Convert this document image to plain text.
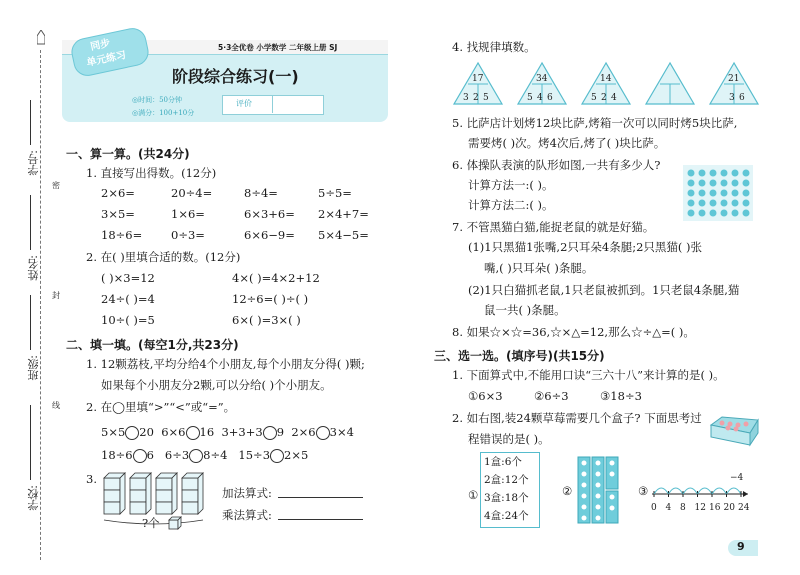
学号:
姓名:
班级:
学校:
密
封
线
同步
单元练习
5·3全优卷 小学数学 二年级上册 SJ
阶段综合练习(一)
◎时间：50分钟
◎满分：100+10分
评价
一、算一算。(共24分)
1. 直接写出得数。(12分)
2×6=	20÷4=	8÷4=	5÷5=
3×5=	1×6=	6×3+6= 2×4+7=
18÷6=	0÷3=	6×6−9= 5×4−5=
2. 在( )里填合适的数。(12分)
( )×3=12	4×( )=4×2+12
24÷( )=4	12÷6=( )÷( )
10÷( )=5	6×( )=3×( )
二、填一填。(每空1分,共23分)
1. 12颗荔枝,平均分给4个小朋友,每个小朋友分得( )颗;
如果每个小朋友分2颗,可以分给( )个小朋友。
2. 在◯里填“>”“<”或“=”。
5×5 20 6×6 16 3+3+3 9 2×6 3×4
18÷6 6 6÷3 8÷4 15÷3 2×5
3.
?个
加法算式:
乘法算式:
4. 找规律填数。
17
3 2 5
34
5 4 6
14
5 2 4
21
3 6
5. 比萨店计划烤12块比萨,烤箱一次可以同时烤5块比萨,
需要烤( )次。烤4次后,烤了( )块比萨。
6. 体操队表演的队形如图,一共有多少人?
计算方法一:( )。
计算方法二:( )。
7. 不管黑猫白猫,能捉老鼠的就是好猫。
(1)1只黑猫1张嘴,2只耳朵4条腿;2只黑猫( )张
嘴,( )只耳朵( )条腿。
(2)1只白猫抓老鼠,1只老鼠被抓到。1只老鼠4条腿,猫
鼠一共( )条腿。
8. 如果☆×☆=36,☆×△=12,那么☆÷△=( )。
三、选一选。(填序号)(共15分)
1. 下面算式中,不能用口诀“三六十八”来计算的是( )。
①6×3	②6÷3	③18÷3
2. 如右图,装24颗草莓需要几个盒子? 下面思考过
程错误的是( )。
①
1盒:6个
2盒:12个
3盒:18个
4盒:24个
②	③
−4
0 4 8 12 16 20 24
9
